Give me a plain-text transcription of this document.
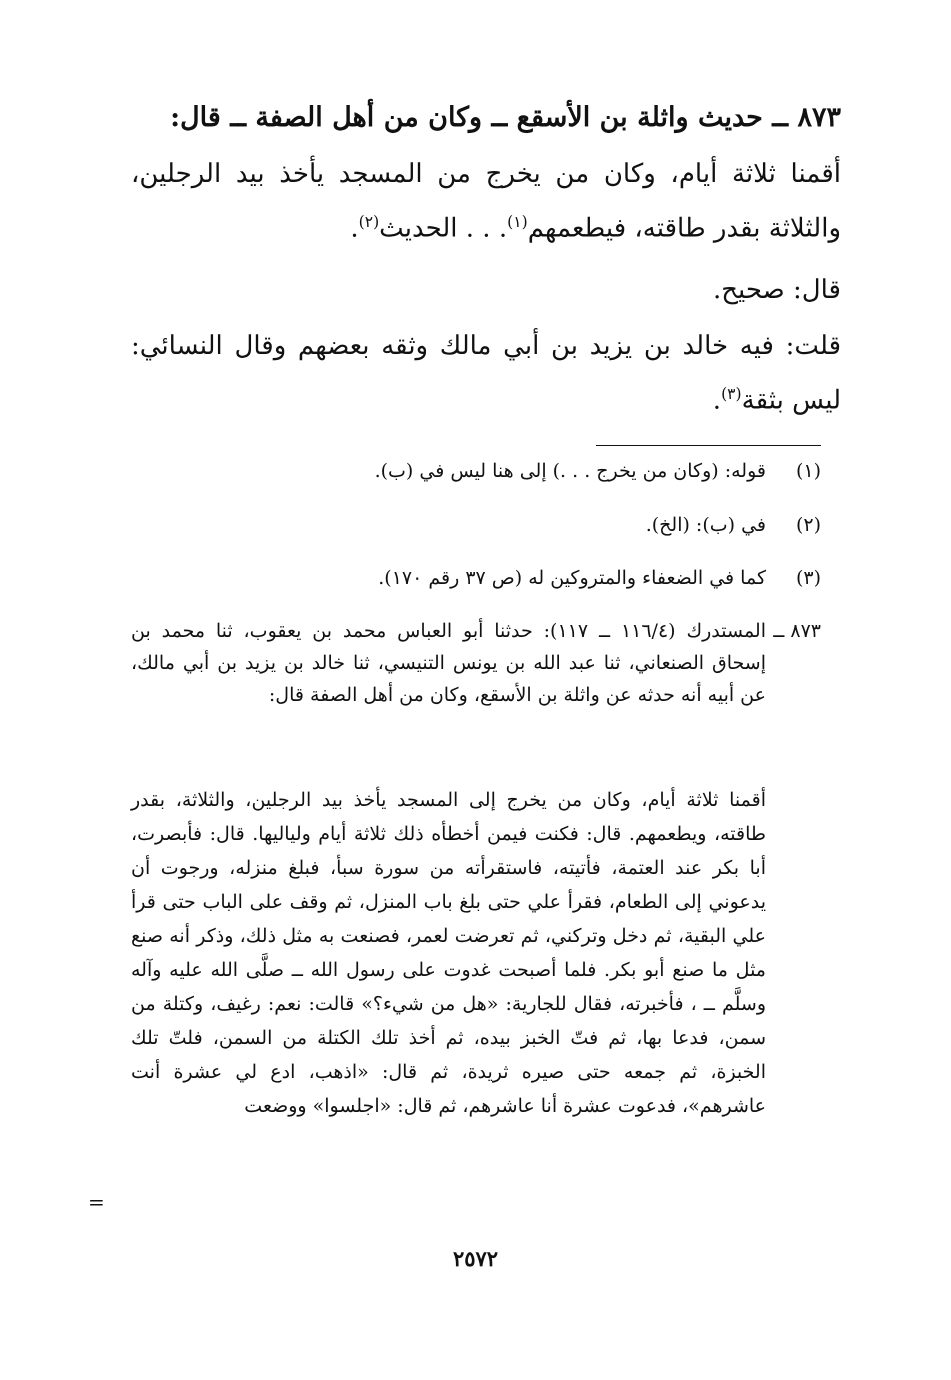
٨٧٣ ــ حديث واثلة بن الأسقع ــ وكان من أهل الصفة ــ قال:
أقمنا ثلاثة أيام، وكان من يخرج من المسجد يأخذ بيد الرجلين، والثلاثة بقدر طاقته، فيطعمهم$^{(١)}$. . . الحديث$^{(٢)}$.
قال: صحيح.
قلت: فيه خالد بن يزيد بن أبي مالك وثقه بعضهم وقال النسائي: ليس بثقة$^{(٣)}$.
(١)
قوله: (وكان من يخرج . . .) إلى هنا ليس في (ب).
(٢)
في (ب): (الخ).
(٣)
كما في الضعفاء والمتروكين له (ص ٣٧ رقم ١٧٠).
٨٧٣ ــ
المستدرك (١١٦/٤ ــ ١١٧): حدثنا أبو العباس محمد بن يعقوب، ثنا محمد بن إسحاق الصنعاني، ثنا عبد الله بن يونس التنيسي، ثنا خالد بن يزيد بن أبي مالك، عن أبيه أنه حدثه عن واثلة بن الأسقع، وكان من أهل الصفة قال:
أقمنا ثلاثة أيام، وكان من يخرج إلى المسجد يأخذ بيد الرجلين، والثلاثة، بقدر طاقته، ويطعمهم. قال: فكنت فيمن أخطأه ذلك ثلاثة أيام ولياليها. قال: فأبصرت، أبا بكر عند العتمة، فأتيته، فاستقرأته من سورة سبأ، فبلغ منزله، ورجوت أن يدعوني إلى الطعام، فقرأ علي حتى بلغ باب المنزل، ثم وقف على الباب حتى قرأ علي البقية، ثم دخل وتركني، ثم تعرضت لعمر، فصنعت به مثل ذلك، وذكر أنه صنع مثل ما صنع أبو بكر. فلما أصبحت غدوت على رسول الله ــ صلَّى الله عليه وآله وسلَّم ــ ، فأخبرته، فقال للجارية: «هل من شيء؟» قالت: نعم: رغيف، وكتلة من سمن، فدعا بها، ثم فتّ الخبز بيده، ثم أخذ تلك الكتلة من السمن، فلتّ تلك الخبزة، ثم جمعه حتى صيره ثريدة، ثم قال: «اذهب، ادع لي عشرة أنت عاشرهم»، فدعوت عشرة أنا عاشرهم، ثم قال: «اجلسوا» ووضعت
=
٢٥٧٢
